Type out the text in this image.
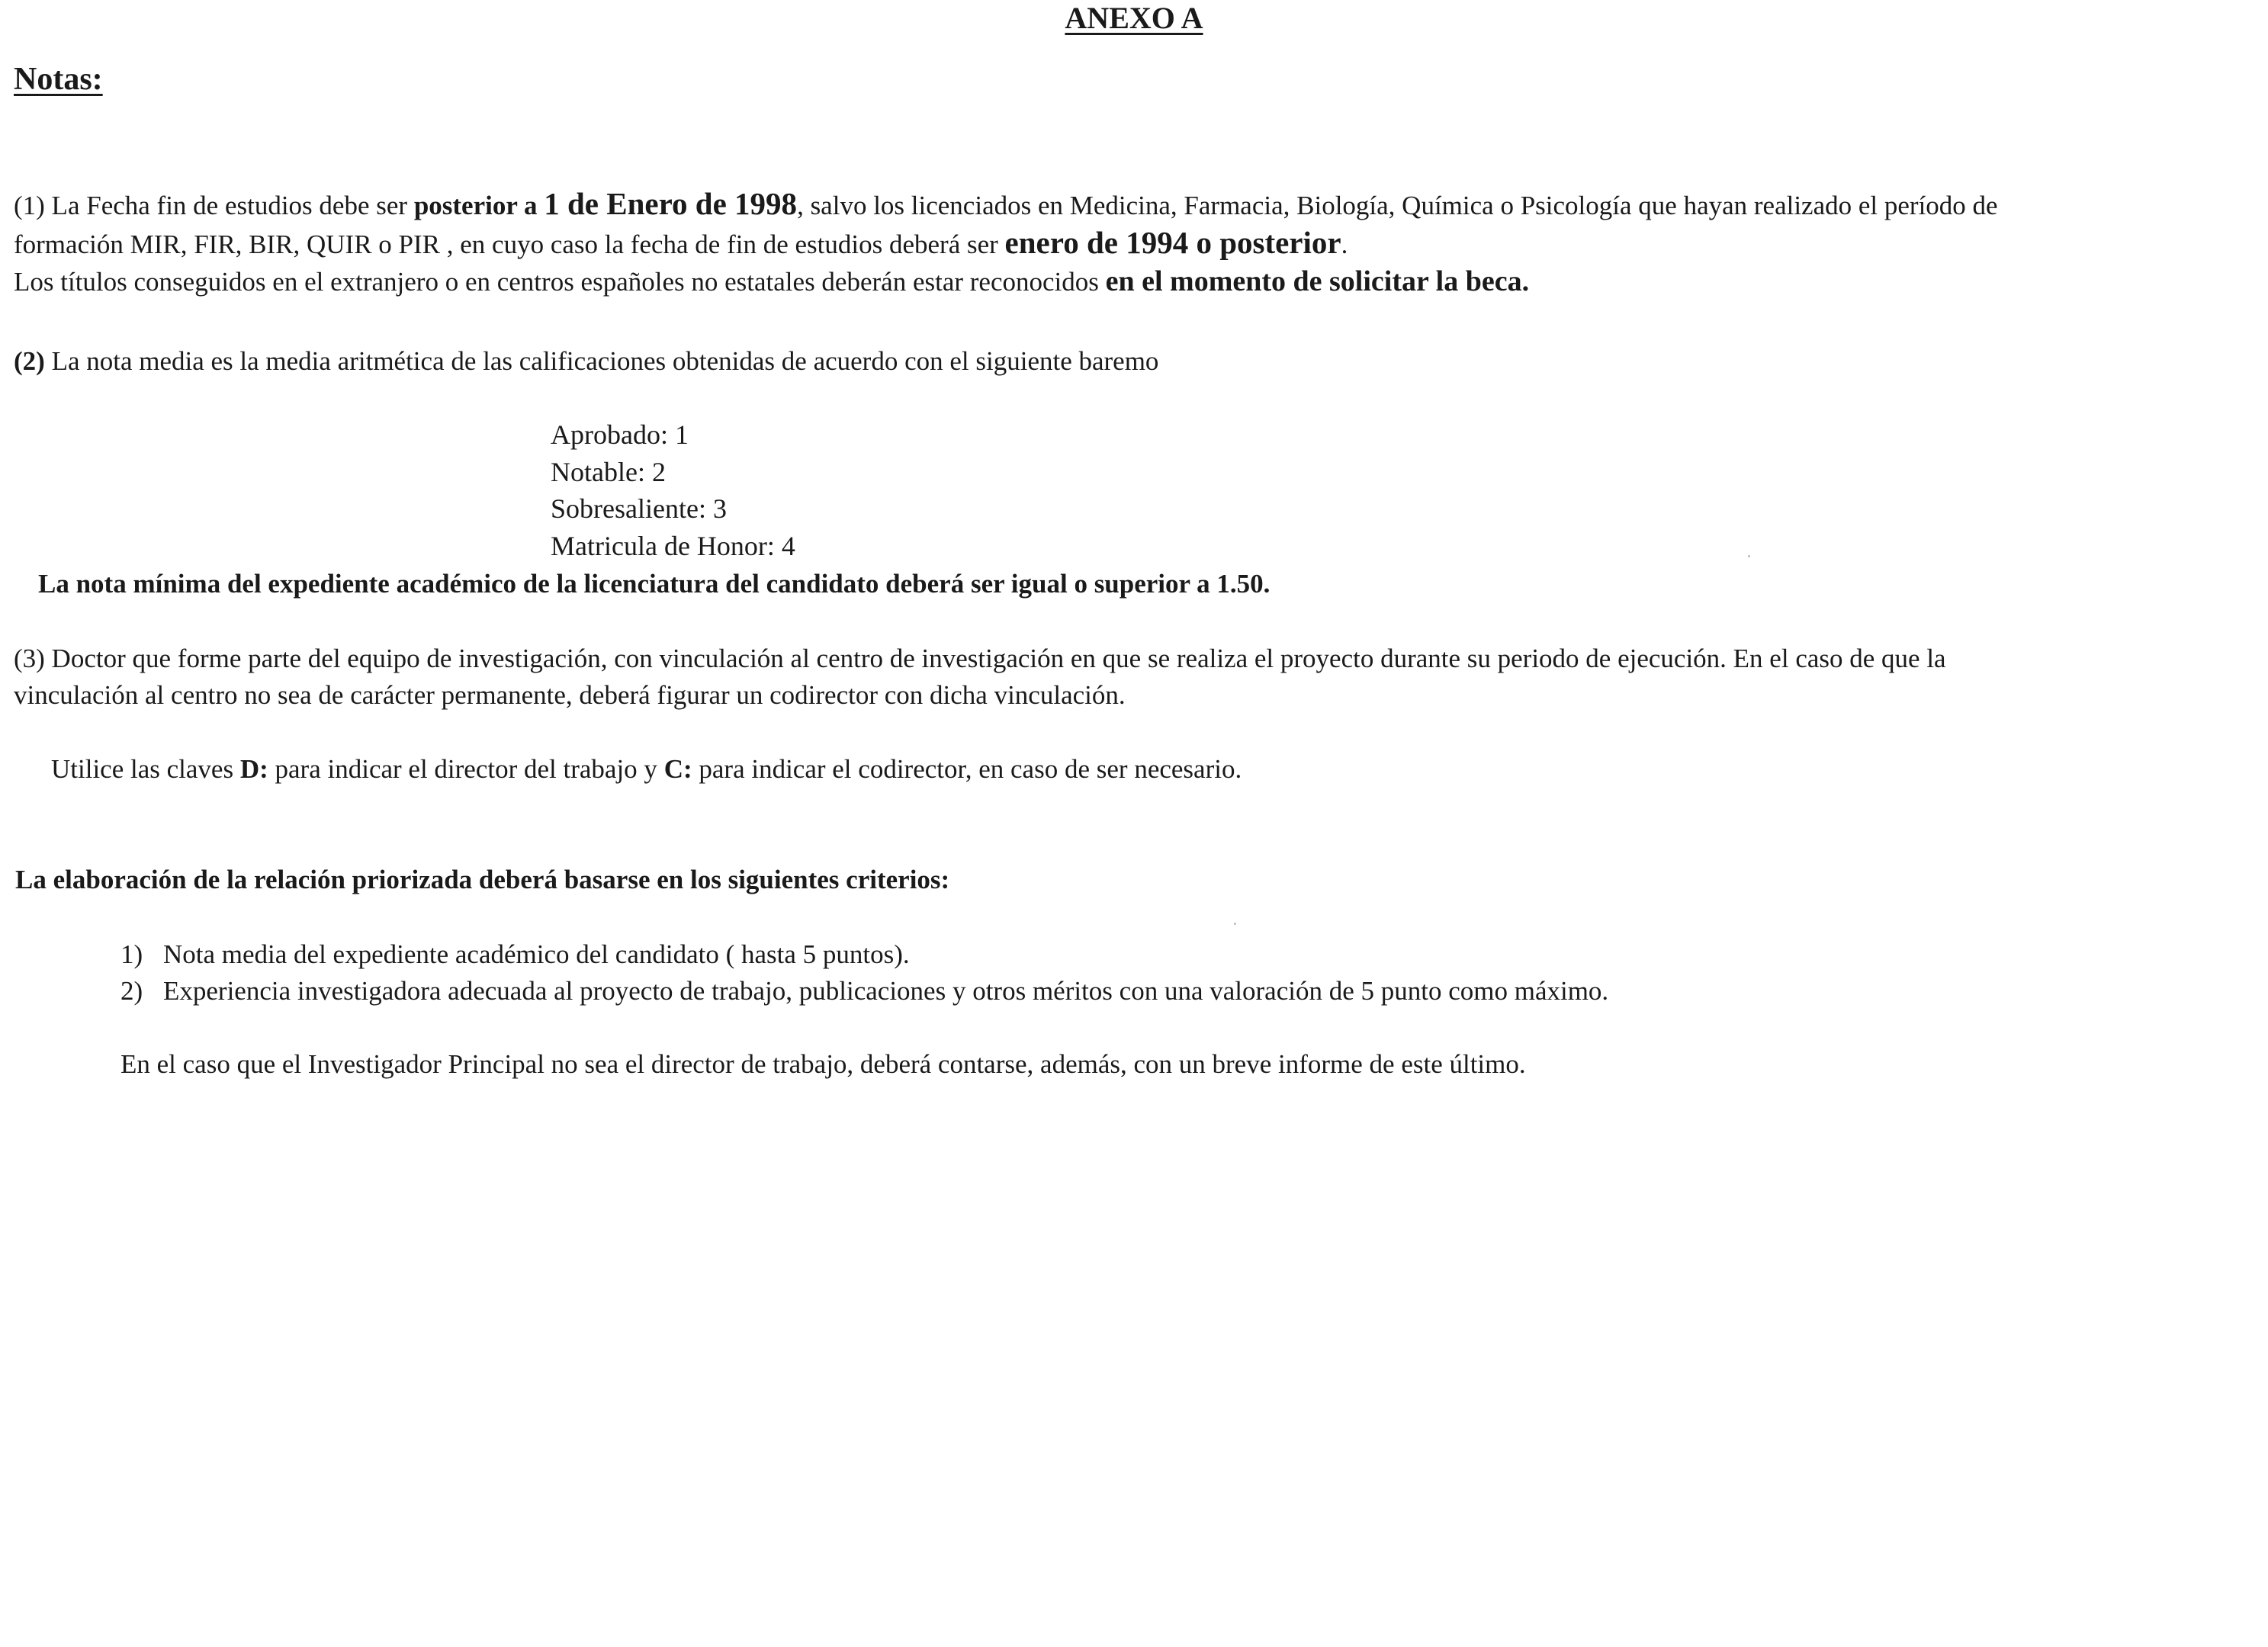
ANEXO A
Notas:
(1) La Fecha fin de estudios debe ser posterior a 1 de Enero de 1998, salvo los licenciados en Medicina, Farmacia, Biología, Química o Psicología que hayan realizado el período de
formación MIR, FIR, BIR, QUIR o PIR , en cuyo caso la fecha de fin de estudios deberá ser enero de 1994 o posterior.
Los títulos conseguidos en el extranjero o en centros españoles no estatales deberán estar reconocidos en el momento de solicitar la beca.
(2) La nota media es la media aritmética de las calificaciones obtenidas de acuerdo con el siguiente baremo
Aprobado: 1
Notable: 2
Sobresaliente: 3
Matricula de Honor: 4
La nota mínima del expediente académico de la licenciatura del candidato deberá ser igual o superior a 1.50.
(3) Doctor que forme parte del equipo de investigación, con vinculación al centro de investigación en que se realiza el proyecto durante su periodo de ejecución. En el caso de que la
vinculación al centro no sea de carácter permanente, deberá figurar un codirector con dicha vinculación.
Utilice las claves D: para indicar el director del trabajo y C: para indicar el codirector, en caso de ser necesario.
La elaboración de la relación priorizada deberá basarse en los siguientes criterios:
1) Nota media del expediente académico del candidato ( hasta 5 puntos).
2) Experiencia investigadora adecuada al proyecto de trabajo, publicaciones y otros méritos con una valoración de 5 punto como máximo.
En el caso que el Investigador Principal no sea el director de trabajo, deberá contarse, además, con un breve informe de este último.
